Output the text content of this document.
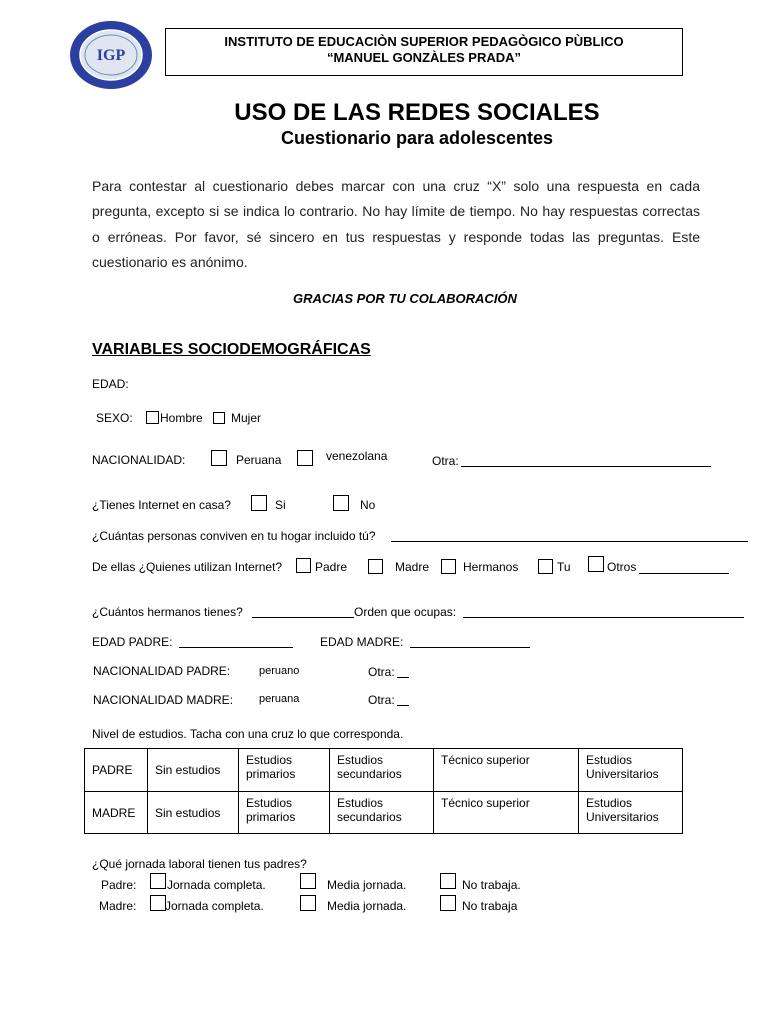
IGP
INSTITUTO DE EDUCACIÒN SUPERIOR PEDAGÒGICO PÙBLICO
“MANUEL GONZÀLES PRADA”
USO DE LAS REDES SOCIALES
Cuestionario para adolescentes
Para contestar al cuestionario debes marcar con una cruz “X” solo una respuesta en cada pregunta, excepto si se indica lo contrario. No hay límite de tiempo. No hay respuestas correctas o erróneas. Por favor, sé sincero en tus respuestas y responde todas las preguntas. Este cuestionario es anónimo.
GRACIAS POR TU COLABORACIÓN
VARIABLES SOCIODEMOGRÁFICAS
EDAD:
SEXO: Hombre Mujer
NACIONALIDAD:	Peruana	venezolana	Otra:
¿Tienes Internet en casa?	Si	No
¿Cuántas personas conviven en tu hogar incluido tú?
De ellas ¿Quienes utilizan Internet?	Padre	Madre	Hermanos	Tu	Otros
¿Cuántos hermanos tienes?	Orden que ocupas:
EDAD PADRE:	EDAD MADRE:
NACIONALIDAD PADRE:	peruano	Otra:
NACIONALIDAD MADRE: peruana	Otra:
Nivel de estudios. Tacha con una cruz lo que corresponda.
PADRE	Sin estudios	Estudios primarios	Estudios secundarios	Técnico superior	Estudios Universitarios
MADRE	Sin estudios	Estudios primarios	Estudios secundarios	Técnico superior	Estudios Universitarios
¿Qué jornada laboral tienen tus padres?
Padre:	Jornada completa.	Media jornada.	No trabaja.
Madre: Jornada completa.	Media jornada.	No trabaja
